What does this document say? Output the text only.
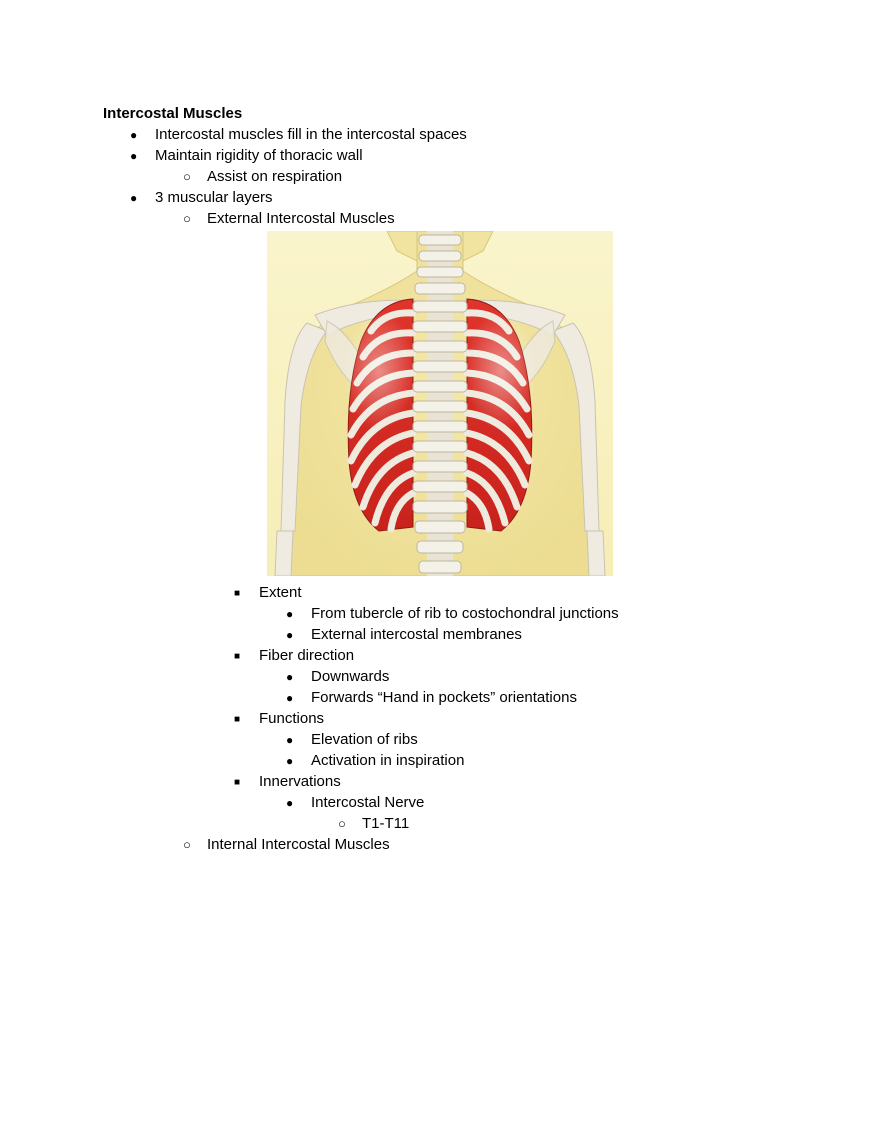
Intercostal Muscles
● Intercostal muscles fill in the intercostal spaces
● Maintain rigidity of thoracic wall
○ Assist on respiration
● 3 muscular layers
○ External Intercostal Muscles
■ Extent
● From tubercle of rib to costochondral junctions
● External intercostal membranes
■ Fiber direction
● Downwards
● Forwards “Hand in pockets” orientations
■ Functions
● Elevation of ribs
● Activation in inspiration
■ Innervations
● Intercostal Nerve
○ T1-T11
○ Internal Intercostal Muscles
